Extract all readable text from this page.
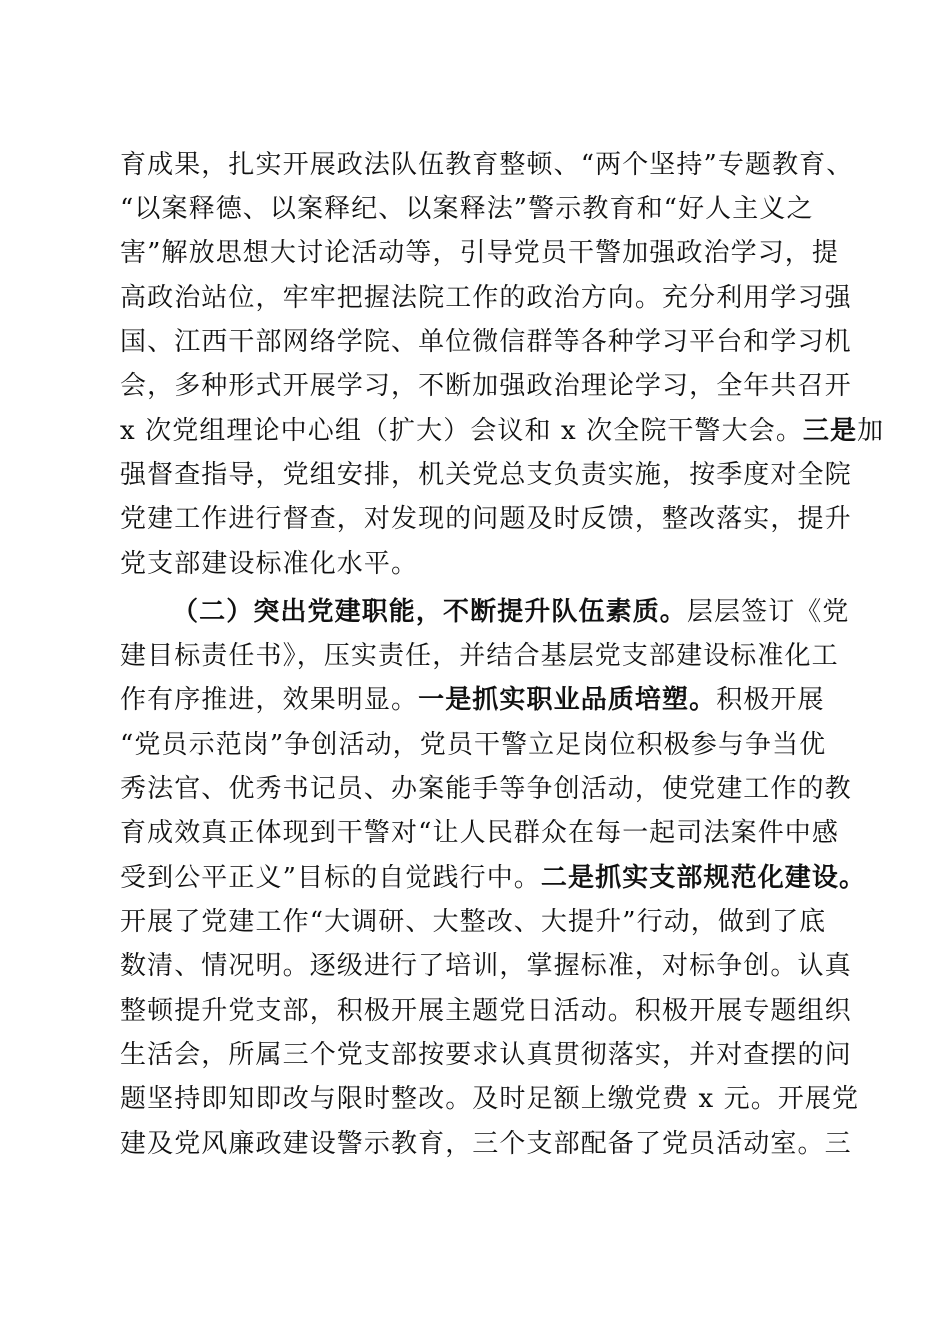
育成果，扎实开展政法队伍教育整顿、“两个坚持”专题教育、
“以案释德、以案释纪、以案释法”警示教育和“好人主义之
害”解放思想大讨论活动等，引导党员干警加强政治学习，提
高政治站位，牢牢把握法院工作的政治方向。充分利用学习强
国、江西干部网络学院、单位微信群等各种学习平台和学习机
会，多种形式开展学习，不断加强政治理论学习，全年共召开
x 次党组理论中心组（扩大）会议和 x 次全院干警大会。三是加
强督查指导，党组安排，机关党总支负责实施，按季度对全院
党建工作进行督查，对发现的问题及时反馈，整改落实，提升
党支部建设标准化水平。
（二）突出党建职能，不断提升队伍素质。层层签订《党
建目标责任书》，压实责任，并结合基层党支部建设标准化工
作有序推进，效果明显。一是抓实职业品质培塑。积极开展
“党员示范岗”争创活动，党员干警立足岗位积极参与争当优
秀法官、优秀书记员、办案能手等争创活动，使党建工作的教
育成效真正体现到干警对“让人民群众在每一起司法案件中感
受到公平正义”目标的自觉践行中。二是抓实支部规范化建设。
开展了党建工作“大调研、大整改、大提升”行动，做到了底
数清、情况明。逐级进行了培训，掌握标准，对标争创。认真
整顿提升党支部，积极开展主题党日活动。积极开展专题组织
生活会，所属三个党支部按要求认真贯彻落实，并对查摆的问
题坚持即知即改与限时整改。及时足额上缴党费 x 元。开展党
建及党风廉政建设警示教育，三个支部配备了党员活动室。三
